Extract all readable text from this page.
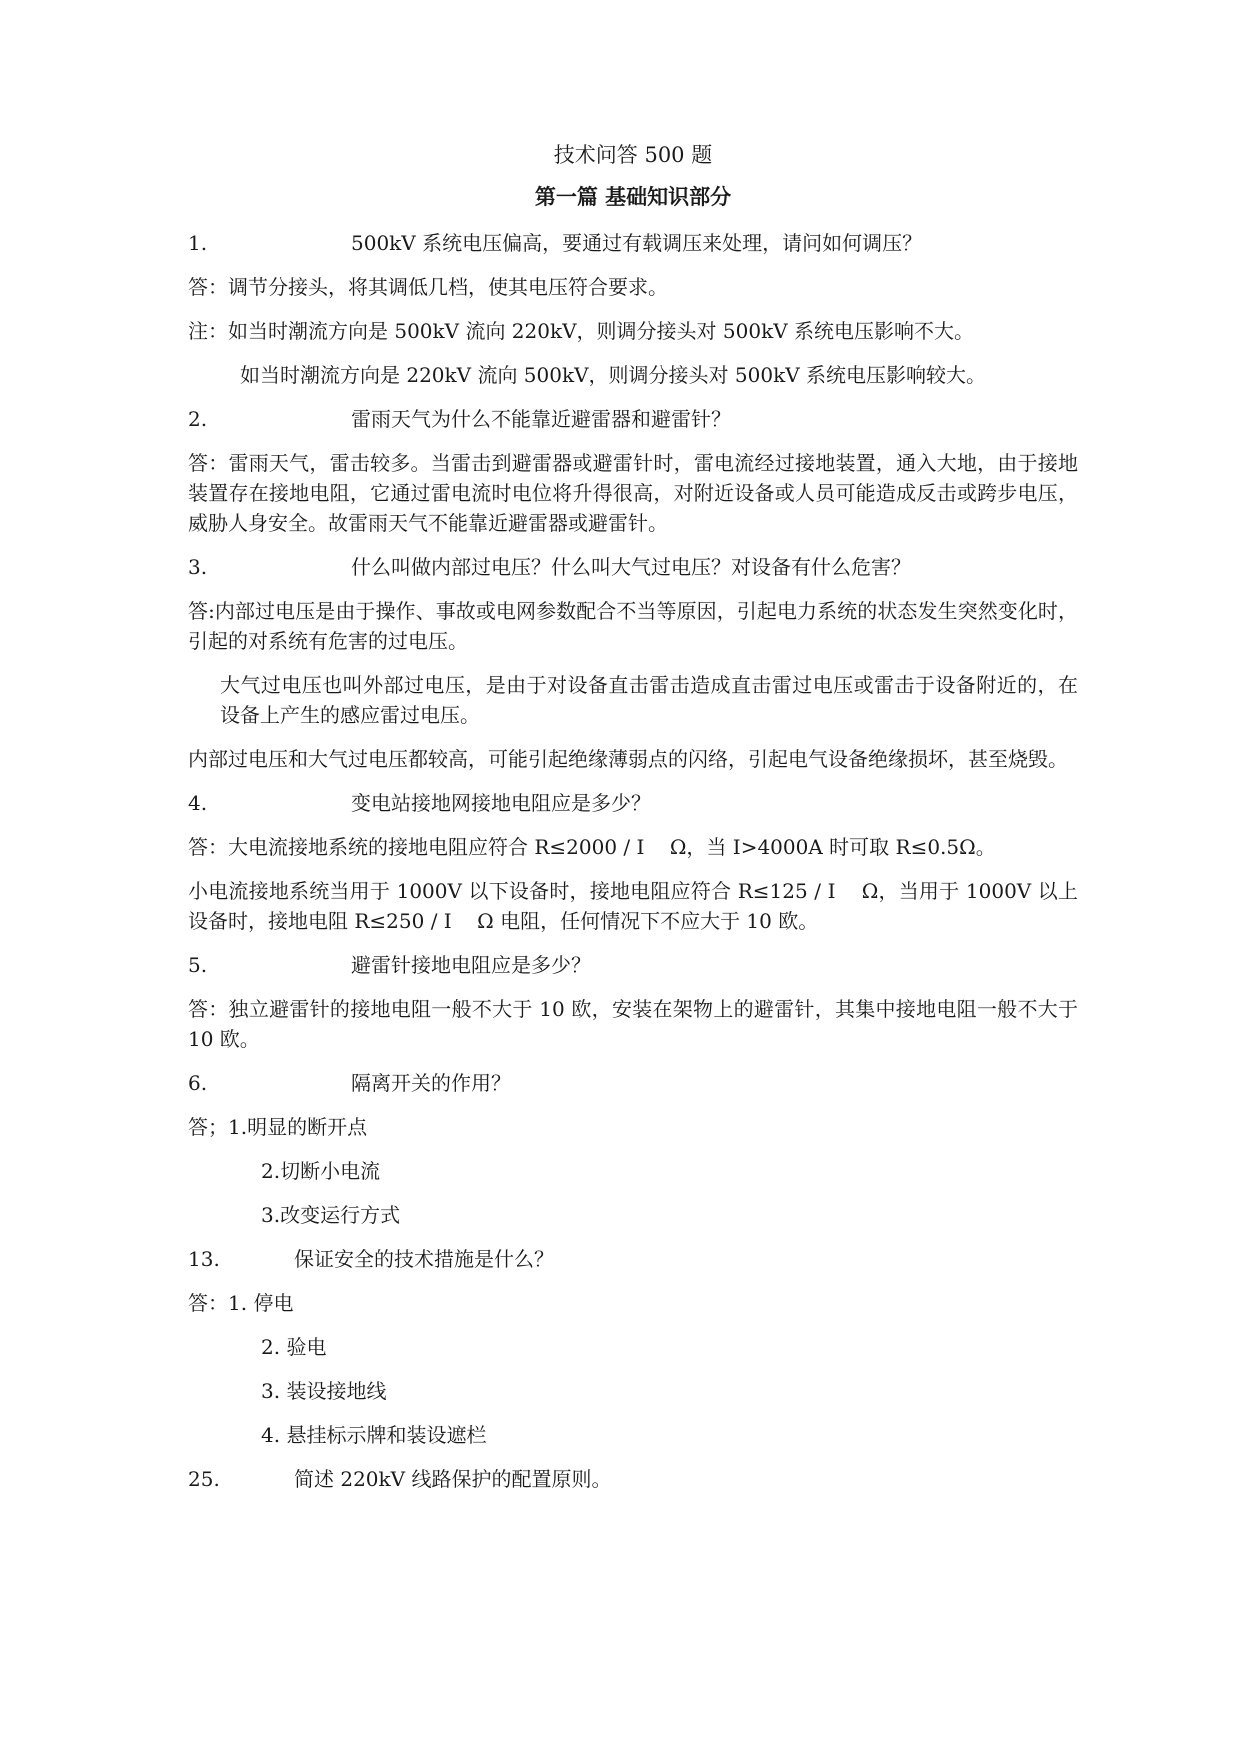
技术问答 500 题
第一篇 基础知识部分
1.	500kV 系统电压偏高，要通过有载调压来处理，请问如何调压？
答：调节分接头，将其调低几档，使其电压符合要求。
注：如当时潮流方向是 500kV 流向 220kV，则调分接头对 500kV 系统电压影响不大。
如当时潮流方向是 220kV 流向 500kV，则调分接头对 500kV 系统电压影响较大。
2.	雷雨天气为什么不能靠近避雷器和避雷针？
答：雷雨天气，雷击较多。当雷击到避雷器或避雷针时，雷电流经过接地装置，通入大地，由于接地装置存在接地电阻，它通过雷电流时电位将升得很高，对附近设备或人员可能造成反击或跨步电压，威胁人身安全。故雷雨天气不能靠近避雷器或避雷针。
3.	什么叫做内部过电压？什么叫大气过电压？对设备有什么危害？
答:内部过电压是由于操作、事故或电网参数配合不当等原因，引起电力系统的状态发生突然变化时，引起的对系统有危害的过电压。
大气过电压也叫外部过电压，是由于对设备直击雷击造成直击雷过电压或雷击于设备附近的，在设备上产生的感应雷过电压。
内部过电压和大气过电压都较高，可能引起绝缘薄弱点的闪络，引起电气设备绝缘损坏，甚至烧毁。
4.	变电站接地网接地电阻应是多少？
答：大电流接地系统的接地电阻应符合 R≤2000 / I    Ω，当 I>4000A 时可取 R≤0.5Ω。
小电流接地系统当用于 1000V 以下设备时，接地电阻应符合 R≤125 / I    Ω，当用于 1000V 以上设备时，接地电阻 R≤250 / I    Ω 电阻，任何情况下不应大于 10 欧。
5.	避雷针接地电阻应是多少？
答：独立避雷针的接地电阻一般不大于 10 欧，安装在架物上的避雷针，其集中接地电阻一般不大于 10 欧。
6.	隔离开关的作用？
答；1.明显的断开点
2.切断小电流
3.改变运行方式
13.	保证安全的技术措施是什么？
答：1. 停电
2. 验电
3. 装设接地线
4. 悬挂标示牌和装设遮栏
25.	简述 220kV 线路保护的配置原则。
